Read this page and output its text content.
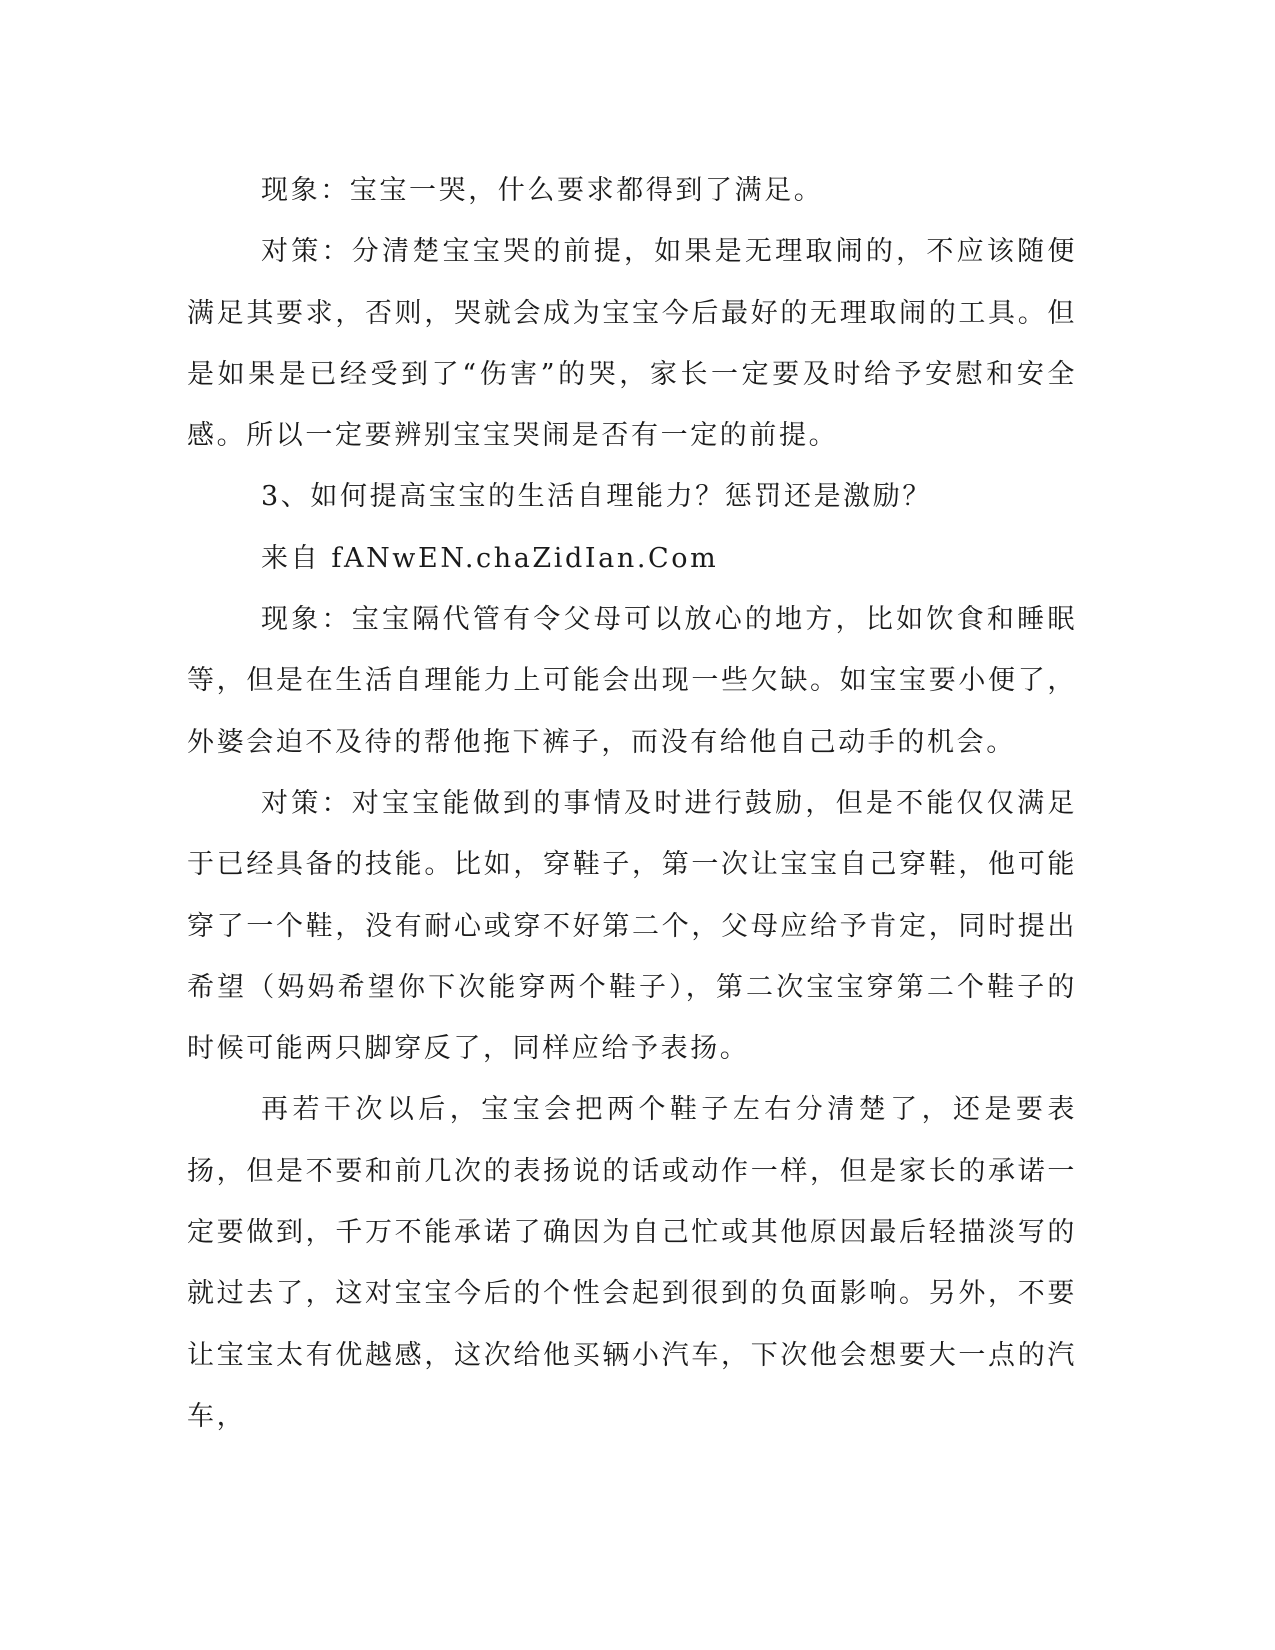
现象：宝宝一哭，什么要求都得到了满足。

对策：分清楚宝宝哭的前提，如果是无理取闹的，不应该随便满足其要求，否则，哭就会成为宝宝今后最好的无理取闹的工具。但是如果是已经受到了“伤害”的哭，家长一定要及时给予安慰和安全感。所以一定要辨别宝宝哭闹是否有一定的前提。

3、如何提高宝宝的生活自理能力？惩罚还是激励？

来自 fANwEN.chaZidIan.Com

现象：宝宝隔代管有令父母可以放心的地方，比如饮食和睡眠等，但是在生活自理能力上可能会出现一些欠缺。如宝宝要小便了，外婆会迫不及待的帮他拖下裤子，而没有给他自己动手的机会。

对策：对宝宝能做到的事情及时进行鼓励，但是不能仅仅满足于已经具备的技能。比如，穿鞋子，第一次让宝宝自己穿鞋，他可能穿了一个鞋，没有耐心或穿不好第二个，父母应给予肯定，同时提出希望（妈妈希望你下次能穿两个鞋子），第二次宝宝穿第二个鞋子的时候可能两只脚穿反了，同样应给予表扬。

再若干次以后，宝宝会把两个鞋子左右分清楚了，还是要表扬，但是不要和前几次的表扬说的话或动作一样，但是家长的承诺一定要做到，千万不能承诺了确因为自己忙或其他原因最后轻描淡写的就过去了，这对宝宝今后的个性会起到很到的负面影响。另外，不要让宝宝太有优越感，这次给他买辆小汽车，下次他会想要大一点的汽车，
